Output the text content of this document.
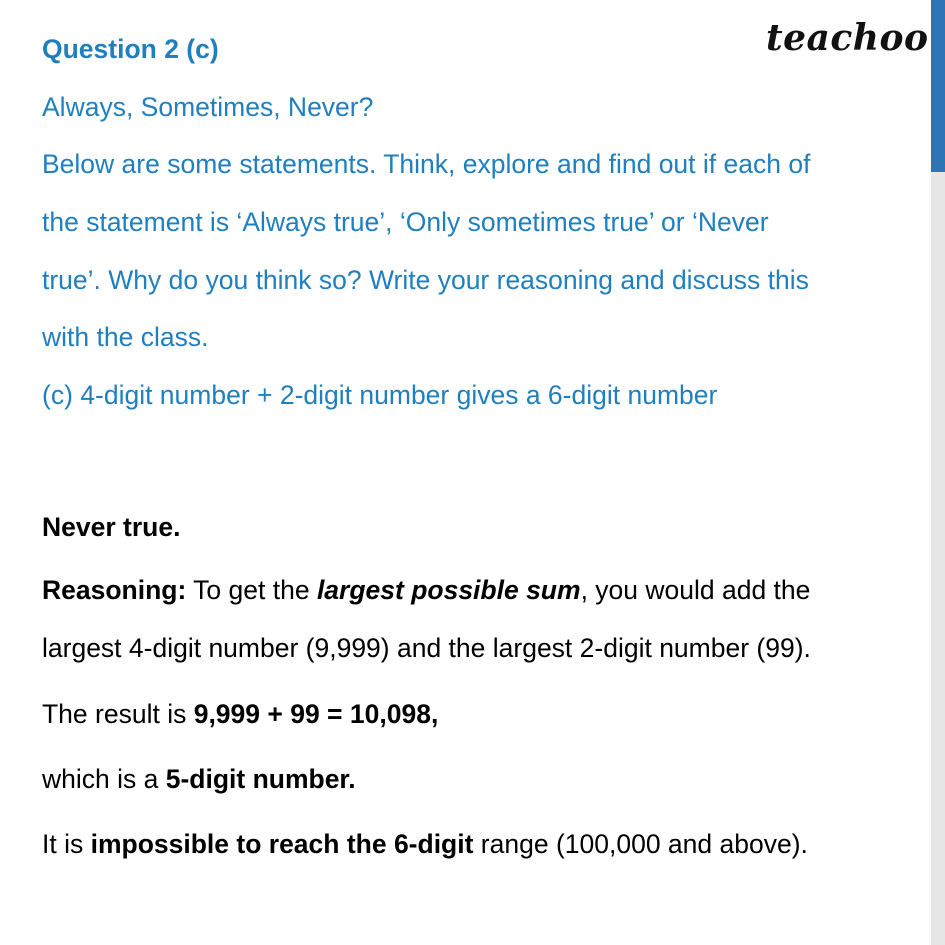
teachoo
Question 2 (c)
Always, Sometimes, Never?
Below are some statements. Think, explore and find out if each of
the statement is ‘Always true’, ‘Only sometimes true’ or ‘Never
true’. Why do you think so? Write your reasoning and discuss this
with the class.
(c) 4-digit number + 2-digit number gives a 6-digit number
Never true.
Reasoning: To get the largest possible sum, you would add the
largest 4-digit number (9,999) and the largest 2-digit number (99).
The result is 9,999 + 99 = 10,098,
which is a 5-digit number.
It is impossible to reach the 6-digit range (100,000 and above).
